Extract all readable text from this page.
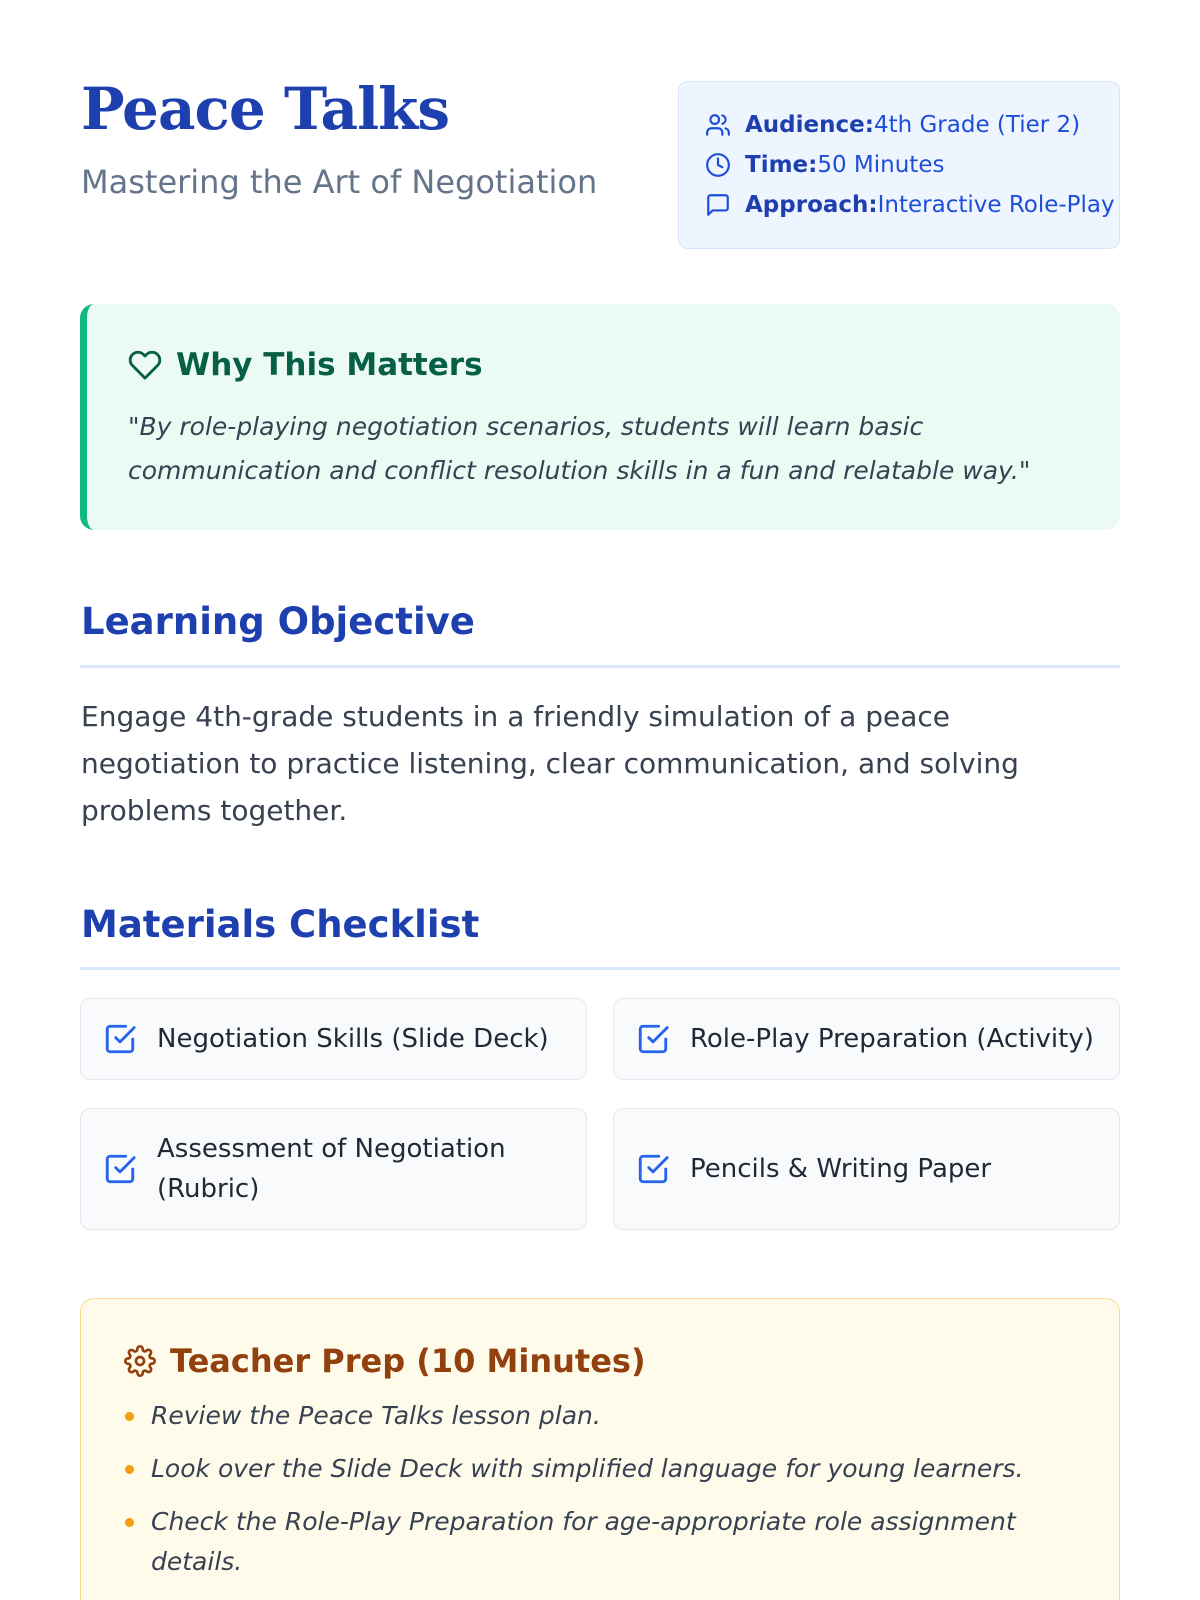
Peace Talks

Mastering the Art of Negotiation

Audience: 4th Grade (Tier 2)
Time: 50 Minutes
Approach: Interactive Role-Play
Why This Matters

"By role-playing negotiation scenarios, students will learn basic communication and conflict resolution skills in a fun and relatable way."

Learning Objective

Engage 4th-grade students in a friendly simulation of a peace negotiation to practice listening, clear communication, and solving problems together.

Materials Checklist
Negotiation Skills (Slide Deck)	Role-Play Preparation (Activity)
Assessment of Negotiation (Rubric)
Pencils & Writing Paper
Teacher Prep (10 Minutes)
Review the Peace Talks lesson plan.
Look over the Slide Deck with simplified language for young learners.
Check the Role-Play Preparation for age-appropriate role assignment details.
